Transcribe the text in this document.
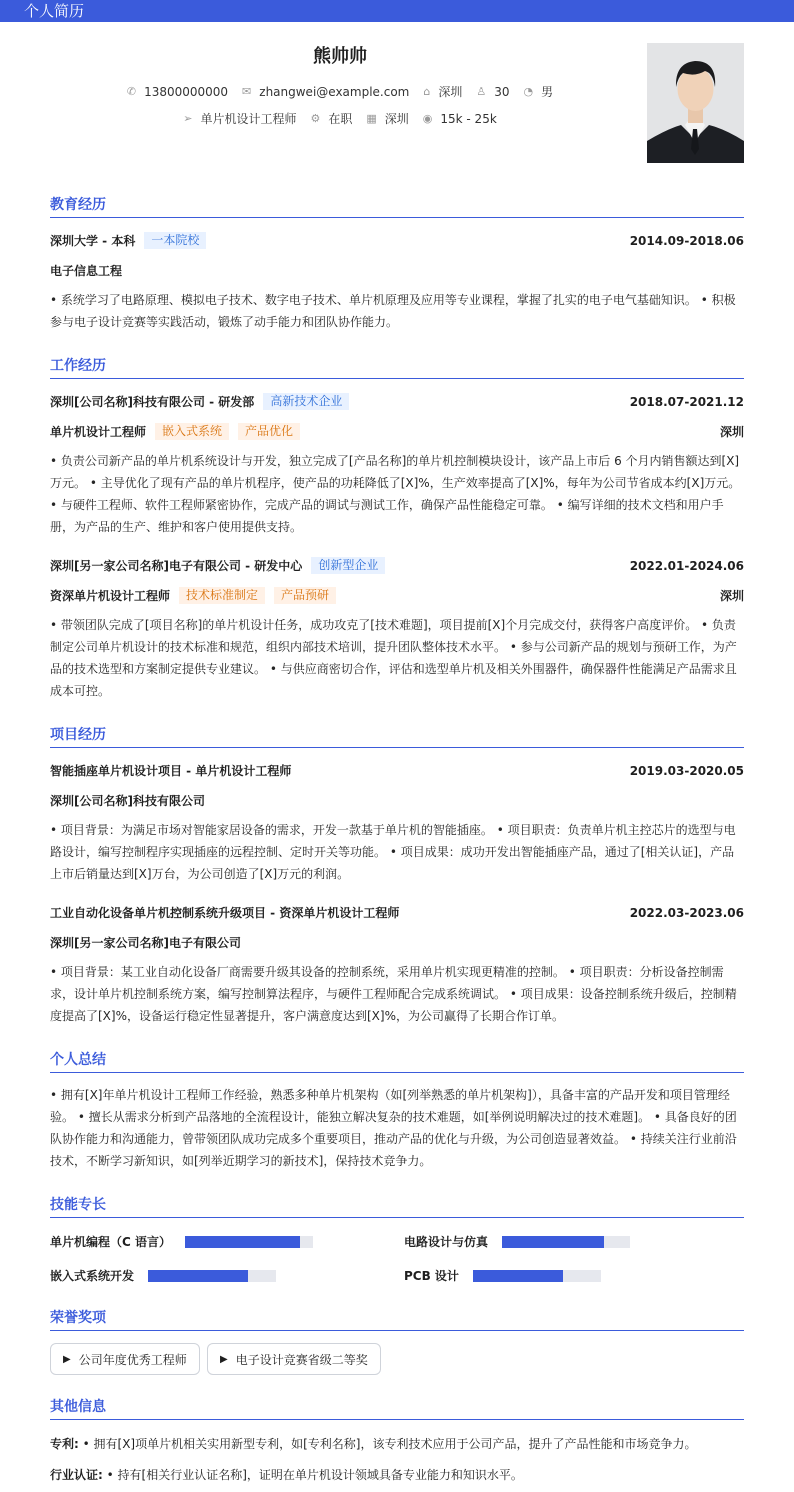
个人简历
熊帅帅
✆ 13800000000 ✉ zhangwei@example.com ⌂ 深圳 ♙ 30 ◔ 男
➢ 单片机设计工程师 ⚙ 在职 ▦ 深圳 ◉ 15k - 25k
教育经历
深圳大学 - 本科	一本院校	2014.09-2018.06
电子信息工程
• 系统学习了电路原理、模拟电子技术、数字电子技术、单片机原理及应用等专业课程，掌握了扎实的电子电气基础知识。 • 积极参与电子设计竞赛等实践活动，锻炼了动手能力和团队协作能力。
工作经历
深圳[公司名称]科技有限公司 - 研发部	高新技术企业	2018.07-2021.12
单片机设计工程师	嵌入式系统	产品优化	深圳
• 负责公司新产品的单片机系统设计与开发，独立完成了[产品名称]的单片机控制模块设计，该产品上市后 6 个月内销售额达到[X]万元。 • 主导优化了现有产品的单片机程序，使产品的功耗降低了[X]%，生产效率提高了[X]%，每年为公司节省成本约[X]万元。 • 与硬件工程师、软件工程师紧密协作，完成产品的调试与测试工作，确保产品性能稳定可靠。 • 编写详细的技术文档和用户手册，为产品的生产、维护和客户使用提供支持。
深圳[另一家公司名称]电子有限公司 - 研发中心	创新型企业	2022.01-2024.06
资深单片机设计工程师	技术标准制定	产品预研	深圳
• 带领团队完成了[项目名称]的单片机设计任务，成功攻克了[技术难题]，项目提前[X]个月完成交付，获得客户高度评价。 • 负责制定公司单片机设计的技术标准和规范，组织内部技术培训，提升团队整体技术水平。 • 参与公司新产品的规划与预研工作，为产品的技术选型和方案制定提供专业建议。 • 与供应商密切合作，评估和选型单片机及相关外围器件，确保器件性能满足产品需求且成本可控。
项目经历
智能插座单片机设计项目 - 单片机设计工程师	2019.03-2020.05
深圳[公司名称]科技有限公司
• 项目背景：为满足市场对智能家居设备的需求，开发一款基于单片机的智能插座。 • 项目职责：负责单片机主控芯片的选型与电路设计，编写控制程序实现插座的远程控制、定时开关等功能。 • 项目成果：成功开发出智能插座产品，通过了[相关认证]，产品上市后销量达到[X]万台，为公司创造了[X]万元的利润。
工业自动化设备单片机控制系统升级项目 - 资深单片机设计工程师	2022.03-2023.06
深圳[另一家公司名称]电子有限公司
• 项目背景：某工业自动化设备厂商需要升级其设备的控制系统，采用单片机实现更精准的控制。 • 项目职责：分析设备控制需求，设计单片机控制系统方案，编写控制算法程序，与硬件工程师配合完成系统调试。 • 项目成果：设备控制系统升级后，控制精度提高了[X]%，设备运行稳定性显著提升，客户满意度达到[X]%，为公司赢得了长期合作订单。
个人总结
• 拥有[X]年单片机设计工程师工作经验，熟悉多种单片机架构（如[列举熟悉的单片机架构]），具备丰富的产品开发和项目管理经验。 • 擅长从需求分析到产品落地的全流程设计，能独立解决复杂的技术难题，如[举例说明解决过的技术难题]。 • 具备良好的团队协作能力和沟通能力，曾带领团队成功完成多个重要项目，推动产品的优化与升级，为公司创造显著效益。 • 持续关注行业前沿技术，不断学习新知识，如[列举近期学习的新技术]，保持技术竞争力。
技能专长
单片机编程（C 语言）	电路设计与仿真
嵌入式系统开发	PCB 设计
荣誉奖项
▶ 公司年度优秀工程师	▶ 电子设计竞赛省级二等奖
其他信息
专利: • 拥有[X]项单片机相关实用新型专利，如[专利名称]，该专利技术应用于公司产品，提升了产品性能和市场竞争力。
行业认证: • 持有[相关行业认证名称]，证明在单片机设计领域具备专业能力和知识水平。
